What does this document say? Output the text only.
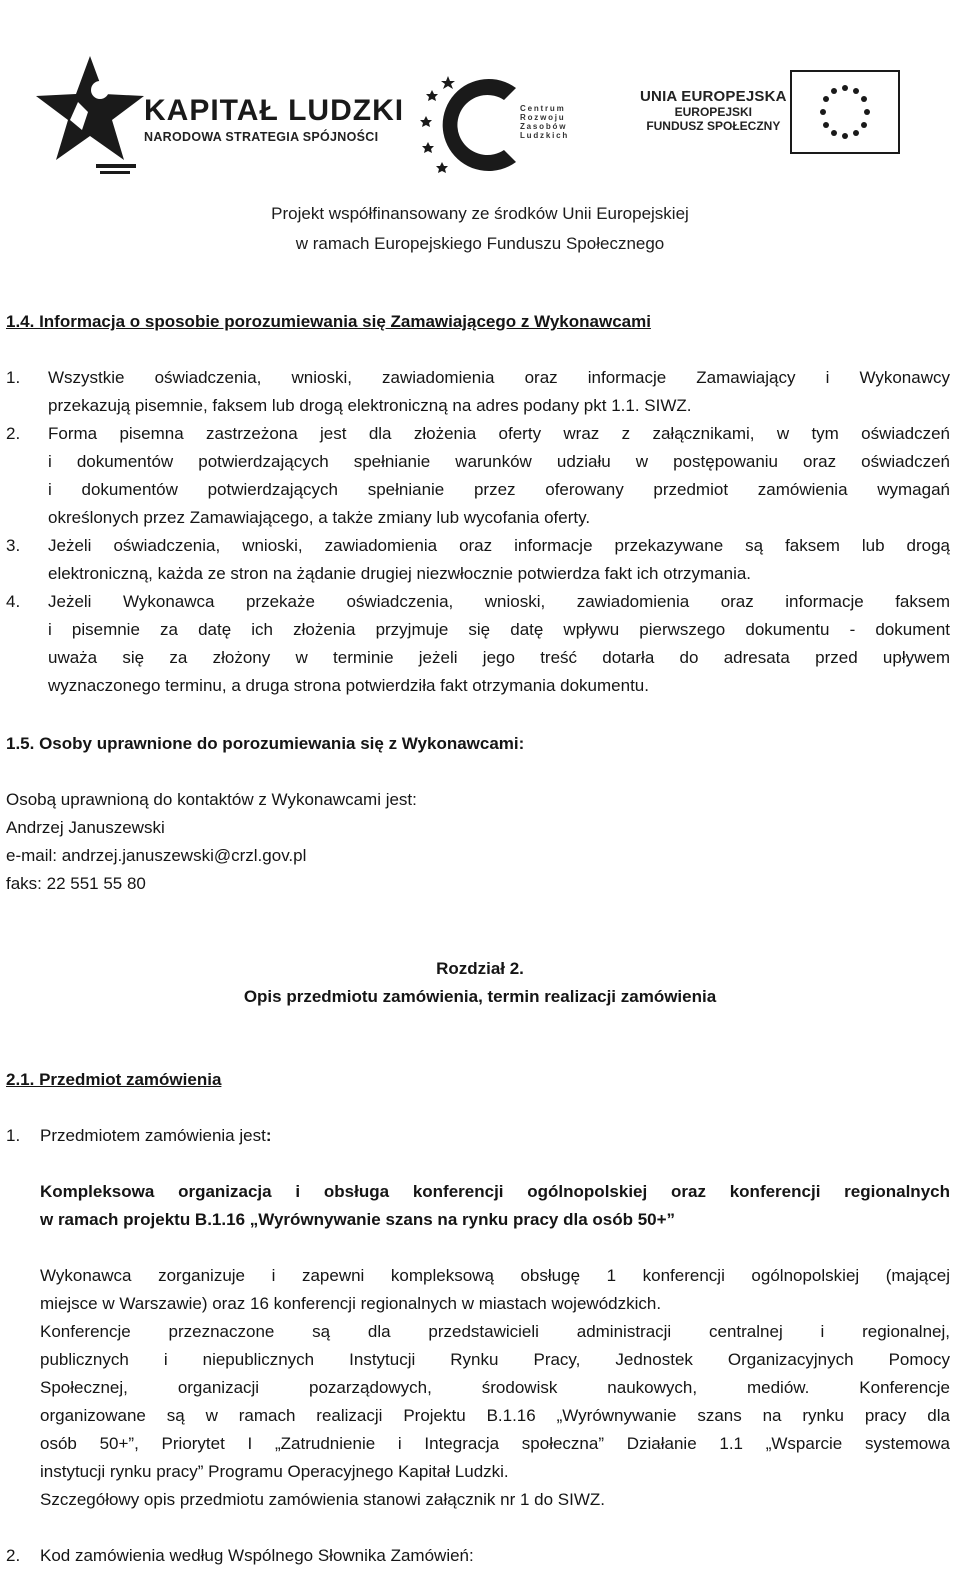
KAPITAŁ LUDZKI
NARODOWA STRATEGIA SPÓJNOŚCI
Centrum
Rozwoju
Zasobów
Ludzkich
UNIA EUROPEJSKA
EUROPEJSKI
FUNDUSZ SPOŁECZNY
Projekt współfinansowany ze środków Unii Europejskiej
w ramach Europejskiego Funduszu Społecznego
1.4. Informacja o sposobie porozumiewania się Zamawiającego z Wykonawcami
1. Wszystkie oświadczenia, wnioski, zawiadomienia oraz informacje Zamawiający i Wykonawcy
przekazują pisemnie, faksem lub drogą elektroniczną na adres podany pkt 1.1. SIWZ.
2. Forma pisemna zastrzeżona jest dla złożenia oferty wraz z załącznikami, w tym oświadczeń
i dokumentów potwierdzających spełnianie warunków udziału w postępowaniu oraz oświadczeń
i dokumentów potwierdzających spełnianie przez oferowany przedmiot zamówienia wymagań
określonych przez Zamawiającego, a także zmiany lub wycofania oferty.
3. Jeżeli oświadczenia, wnioski, zawiadomienia oraz informacje przekazywane są faksem lub drogą
elektroniczną, każda ze stron na żądanie drugiej niezwłocznie potwierdza fakt ich otrzymania.
4. Jeżeli Wykonawca przekaże oświadczenia, wnioski, zawiadomienia oraz informacje faksem
i pisemnie za datę ich złożenia przyjmuje się datę wpływu pierwszego dokumentu - dokument
uważa się za złożony w terminie jeżeli jego treść dotarła do adresata przed upływem
wyznaczonego terminu, a druga strona potwierdziła fakt otrzymania dokumentu.
1.5. Osoby uprawnione do porozumiewania się z Wykonawcami:
Osobą uprawnioną do kontaktów z Wykonawcami jest:
Andrzej Januszewski
e-mail: andrzej.januszewski@crzl.gov.pl
faks: 22 551 55 80
Rozdział 2.
Opis przedmiotu zamówienia, termin realizacji zamówienia
2.1. Przedmiot zamówienia
1. Przedmiotem zamówienia jest:
Kompleksowa organizacja i obsługa konferencji ogólnopolskiej oraz konferencji regionalnych
w ramach projektu B.1.16 „Wyrównywanie szans na rynku pracy dla osób 50+”
Wykonawca zorganizuje i zapewni kompleksową obsługę 1 konferencji ogólnopolskiej (mającej
miejsce w Warszawie) oraz 16 konferencji regionalnych w miastach wojewódzkich.
Konferencje przeznaczone są dla przedstawicieli administracji centralnej i regionalnej,
publicznych i niepublicznych Instytucji Rynku Pracy, Jednostek Organizacyjnych Pomocy
Społecznej, organizacji pozarządowych, środowisk naukowych, mediów. Konferencje
organizowane są w ramach realizacji Projektu B.1.16 „Wyrównywanie szans na rynku pracy dla
osób 50+”, Priorytet I „Zatrudnienie i Integracja społeczna” Działanie 1.1 „Wsparcie systemowa
instytucji rynku pracy” Programu Operacyjnego Kapitał Ludzki.
Szczegółowy opis przedmiotu zamówienia stanowi załącznik nr 1 do SIWZ.
2. Kod zamówienia według Wspólnego Słownika Zamówień:
